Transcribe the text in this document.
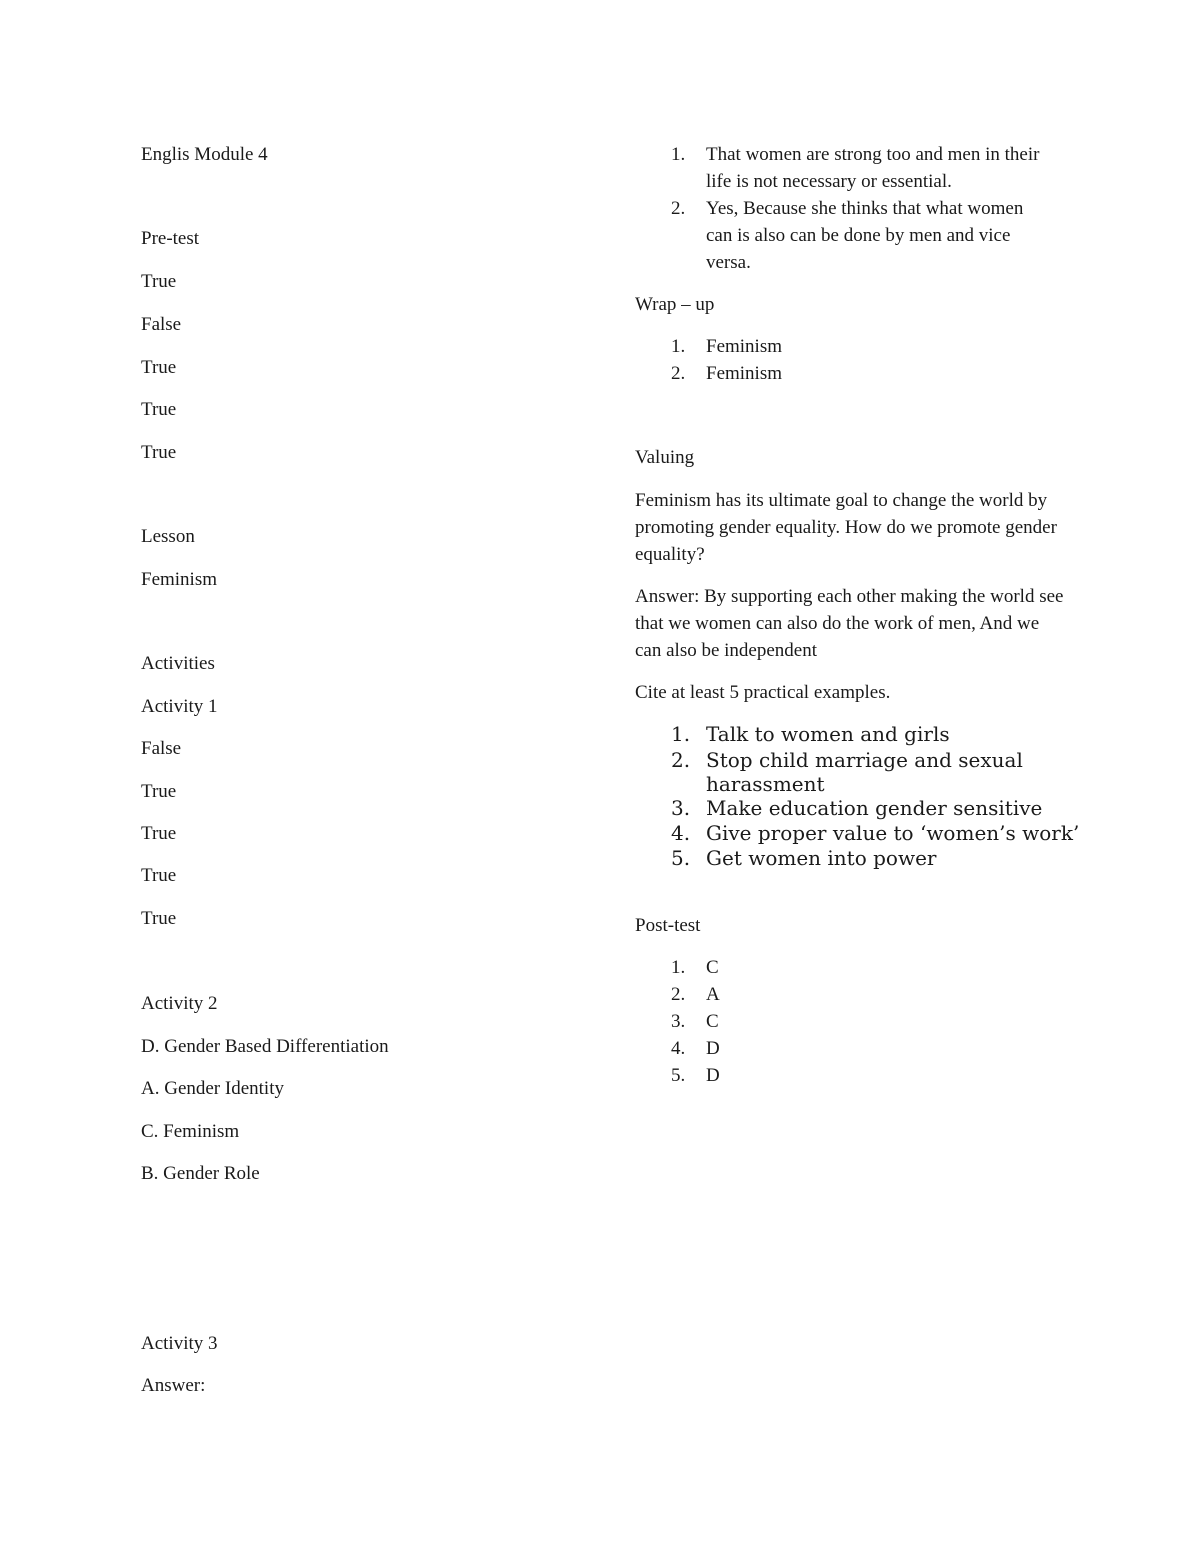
Englis Module 4
Pre-test
True
False
True
True
True
Lesson
Feminism
Activities
Activity 1
False
True
True
True
True
Activity 2
D. Gender Based Differentiation
A. Gender Identity
C. Feminism
B. Gender Role
Activity 3
Answer:
1. That women are strong too and men in their life is not necessary or essential.
2. Yes, Because she thinks that what women can is also can be done by men and vice versa.
Wrap – up
1. Feminism
2. Feminism
Valuing
Feminism has its ultimate goal to change the world by promoting gender equality. How do we promote gender equality?
Answer: By supporting each other making the world see that we women can also do the work of men, And we can also be independent
Cite at least 5 practical examples.
1. Talk to women and girls
2. Stop child marriage and sexual harassment
3. Make education gender sensitive
4. Give proper value to ‘women’s work’
5. Get women into power
Post-test
1. C
2. A
3. C
4. D
5. D
